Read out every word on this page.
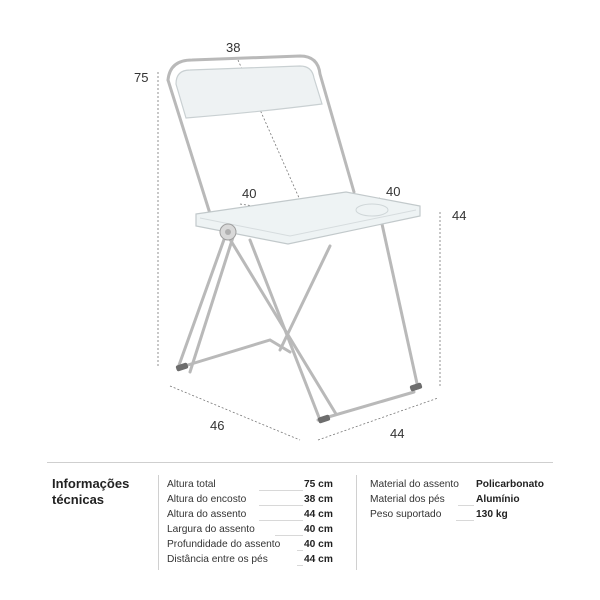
38
75
40	40
44
46
44
Informações
técnicas
Altura total	75 cm
Altura do encosto	38 cm
Altura do assento	44 cm
Largura do assento	40 cm
Profundidade do assento 40 cm
Distância entre os pés	44 cm
Material do assento Policarbonato
Material dos pés	Alumínio
Peso suportado	130 kg
